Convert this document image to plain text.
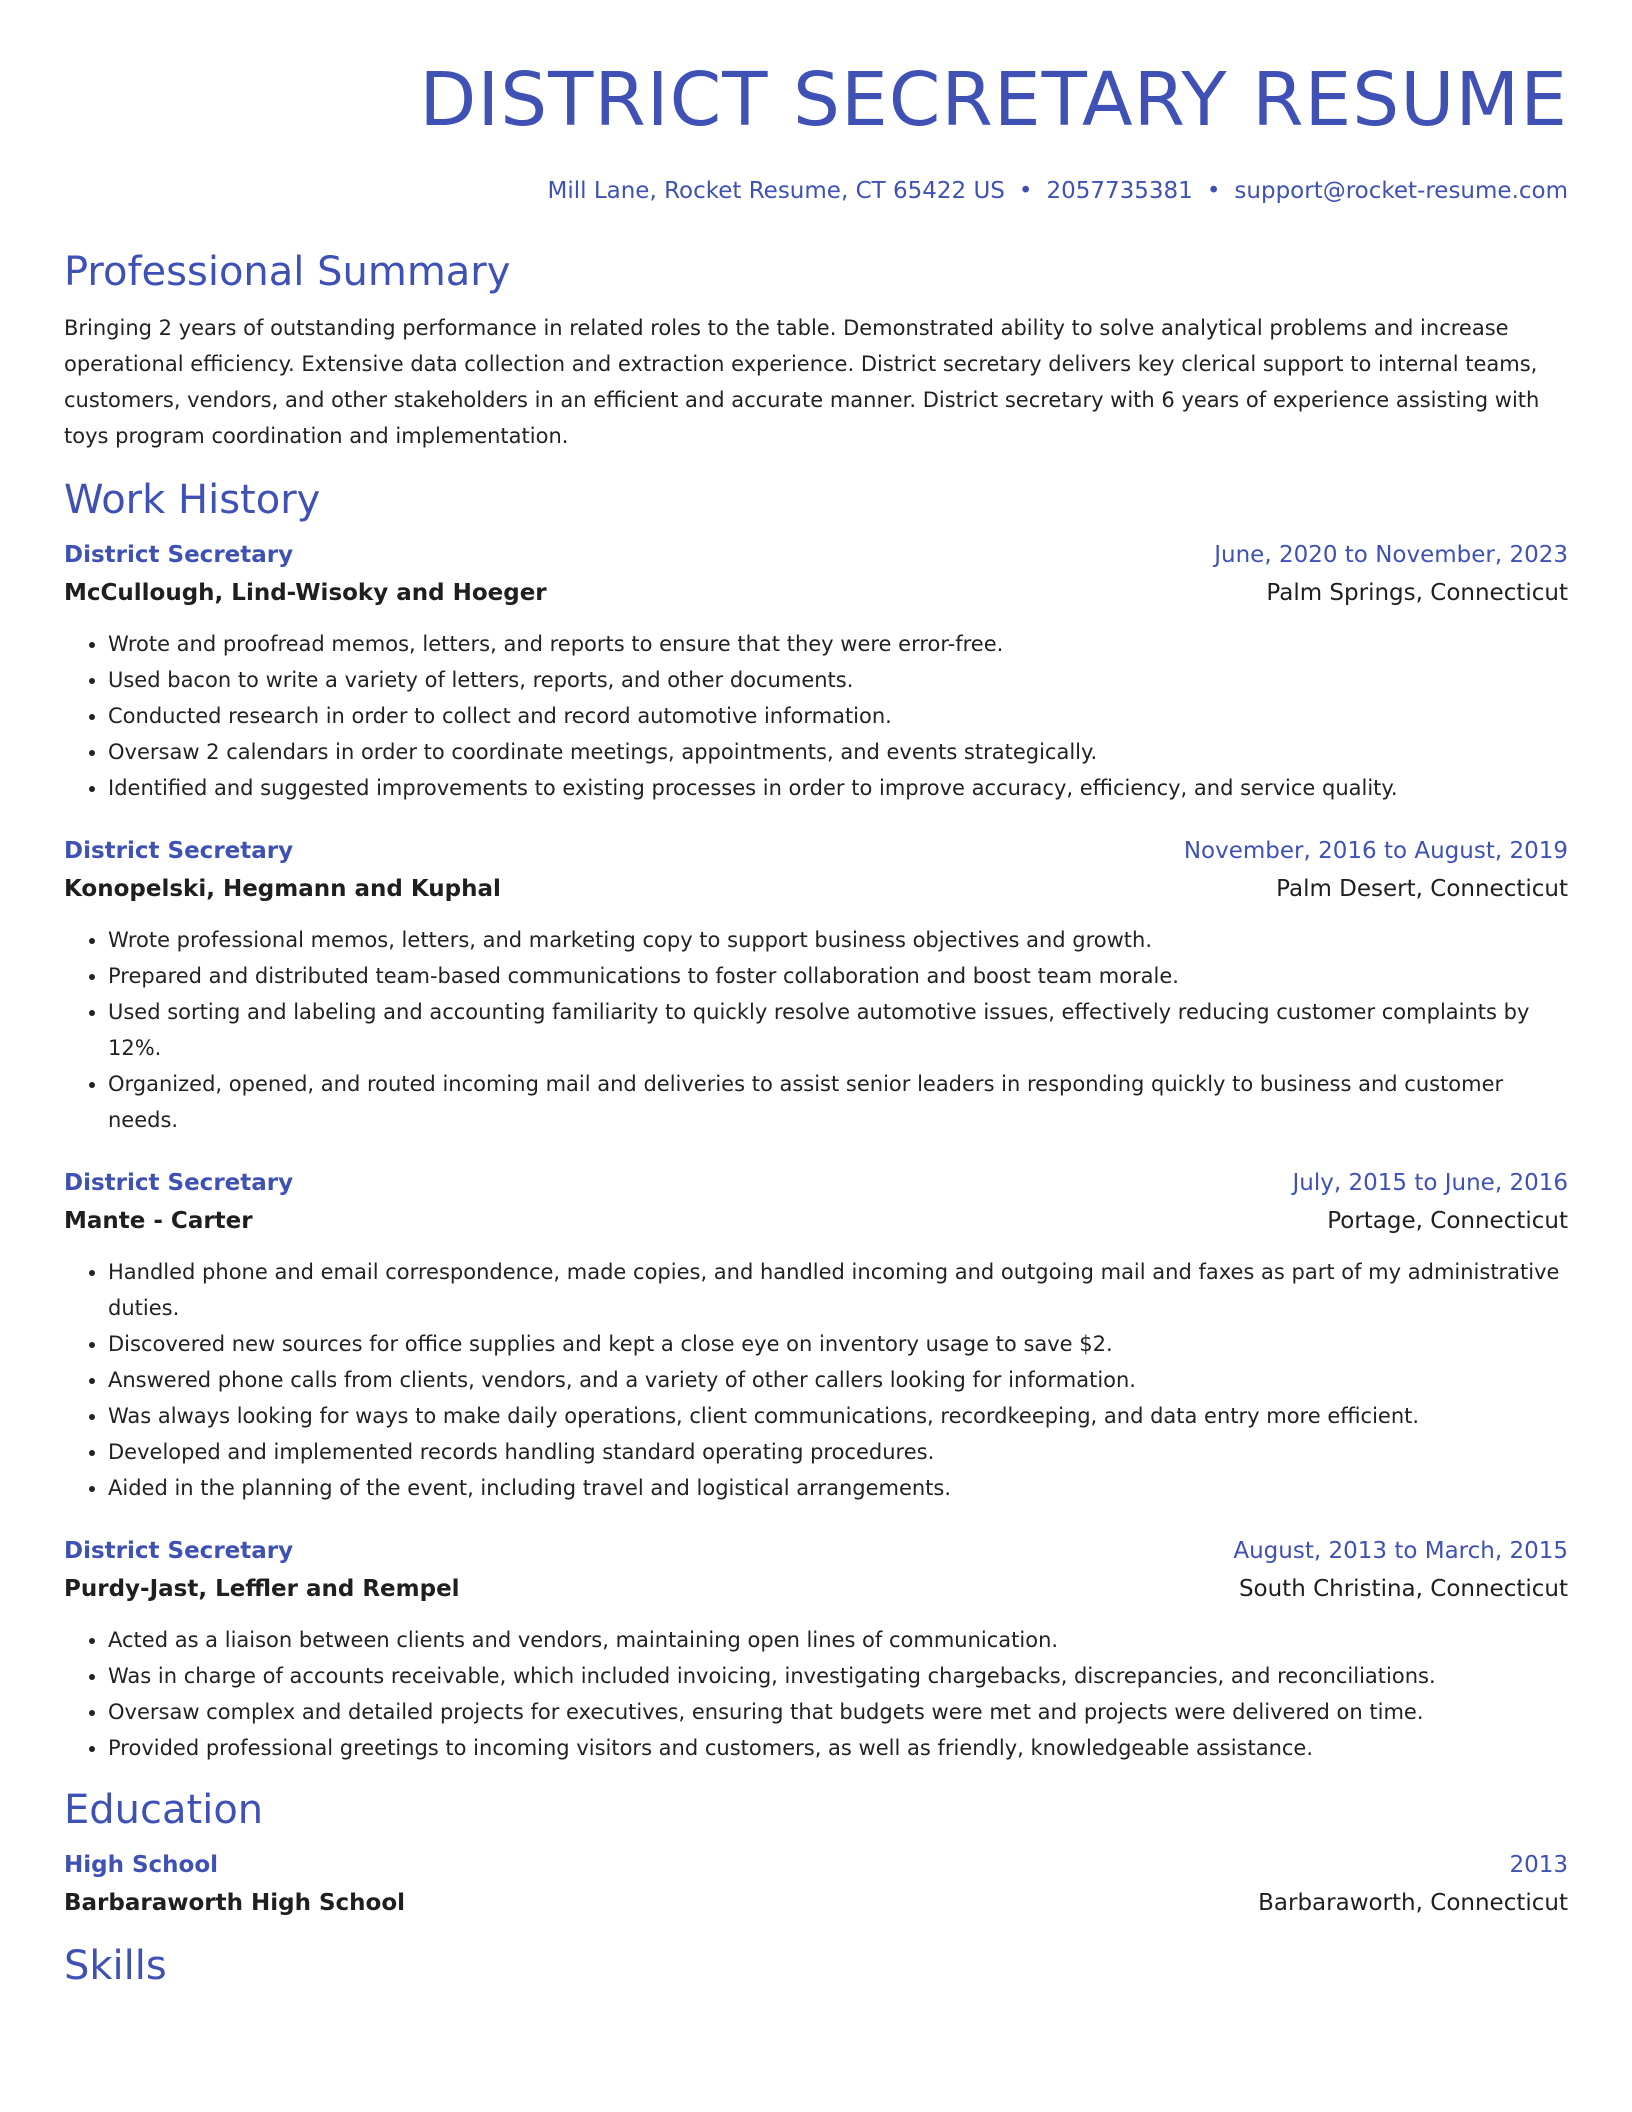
DISTRICT SECRETARY RESUME
Mill Lane, Rocket Resume, CT 65422 US • 2057735381 • support@rocket-resume.com
Professional Summary
Bringing 2 years of outstanding performance in related roles to the table. Demonstrated ability to solve analytical problems and increase operational efficiency. Extensive data collection and extraction experience. District secretary delivers key clerical support to internal teams, customers, vendors, and other stakeholders in an efficient and accurate manner. District secretary with 6 years of experience assisting with toys program coordination and implementation.
Work History
District Secretary	June, 2020 to November, 2023
McCullough, Lind-Wisoky and Hoeger	Palm Springs, Connecticut
• Wrote and proofread memos, letters, and reports to ensure that they were error-free.
• Used bacon to write a variety of letters, reports, and other documents.
• Conducted research in order to collect and record automotive information.
• Oversaw 2 calendars in order to coordinate meetings, appointments, and events strategically.
• Identified and suggested improvements to existing processes in order to improve accuracy, efficiency, and service quality.
District Secretary	November, 2016 to August, 2019
Konopelski, Hegmann and Kuphal	Palm Desert, Connecticut
• Wrote professional memos, letters, and marketing copy to support business objectives and growth.
• Prepared and distributed team-based communications to foster collaboration and boost team morale.
• Used sorting and labeling and accounting familiarity to quickly resolve automotive issues, effectively reducing customer complaints by 12%.
• Organized, opened, and routed incoming mail and deliveries to assist senior leaders in responding quickly to business and customer needs.
District Secretary	July, 2015 to June, 2016
Mante - Carter	Portage, Connecticut
• Handled phone and email correspondence, made copies, and handled incoming and outgoing mail and faxes as part of my administrative duties.
• Discovered new sources for office supplies and kept a close eye on inventory usage to save $2.
• Answered phone calls from clients, vendors, and a variety of other callers looking for information.
• Was always looking for ways to make daily operations, client communications, recordkeeping, and data entry more efficient.
• Developed and implemented records handling standard operating procedures.
• Aided in the planning of the event, including travel and logistical arrangements.
District Secretary	August, 2013 to March, 2015
Purdy-Jast, Leffler and Rempel	South Christina, Connecticut
• Acted as a liaison between clients and vendors, maintaining open lines of communication.
• Was in charge of accounts receivable, which included invoicing, investigating chargebacks, discrepancies, and reconciliations.
• Oversaw complex and detailed projects for executives, ensuring that budgets were met and projects were delivered on time.
• Provided professional greetings to incoming visitors and customers, as well as friendly, knowledgeable assistance.
Education
High School	2013
Barbaraworth High School	Barbaraworth, Connecticut
Skills
